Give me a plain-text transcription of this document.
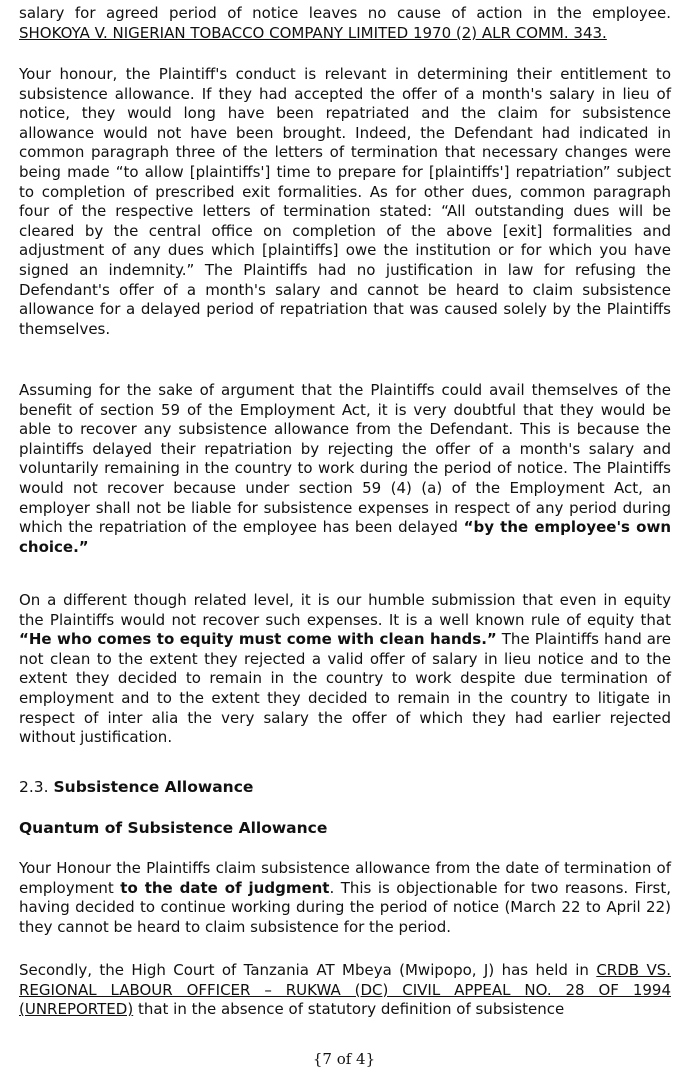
salary for agreed period of notice leaves no cause of action in the employee. SHOKOYA V. NIGERIAN TOBACCO COMPANY LIMITED 1970 (2) ALR COMM. 343.

Your honour, the Plaintiff's conduct is relevant in determining their entitlement to subsistence allowance. If they had accepted the offer of a month's salary in lieu of notice, they would long have been repatriated and the claim for subsistence allowance would not have been brought. Indeed, the Defendant had indicated in common paragraph three of the letters of termination that necessary changes were being made “to allow [plaintiffs'] time to prepare for [plaintiffs'] repatriation” subject to completion of prescribed exit formalities. As for other dues, common paragraph four of the respective letters of termination stated: “All outstanding dues will be cleared by the central office on completion of the above [exit] formalities and adjustment of any dues which [plaintiffs] owe the institution or for which you have signed an indemnity.” The Plaintiffs had no justification in law for refusing the Defendant's offer of a month's salary and cannot be heard to claim subsistence allowance for a delayed period of repatriation that was caused solely by the Plaintiffs themselves.

Assuming for the sake of argument that the Plaintiffs could avail themselves of the benefit of section 59 of the Employment Act, it is very doubtful that they would be able to recover any subsistence allowance from the Defendant. This is because the plaintiffs delayed their repatriation by rejecting the offer of a month's salary and voluntarily remaining in the country to work during the period of notice. The Plaintiffs would not recover because under section 59 (4) (a) of the Employment Act, an employer shall not be liable for subsistence expenses in respect of any period during which the repatriation of the employee has been delayed “by the employee's own choice.”

On a different though related level, it is our humble submission that even in equity the Plaintiffs would not recover such expenses. It is a well known rule of equity that “He who comes to equity must come with clean hands.” The Plaintiffs hand are not clean to the extent they rejected a valid offer of salary in lieu notice and to the extent they decided to remain in the country to work despite due termination of employment and to the extent they decided to remain in the country to litigate in respect of inter alia the very salary the offer of which they had earlier rejected without justification.

2.3. Subsistence Allowance

Quantum of Subsistence Allowance

Your Honour the Plaintiffs claim subsistence allowance from the date of termination of employment to the date of judgment. This is objectionable for two reasons. First, having decided to continue working during the period of notice (March 22 to April 22) they cannot be heard to claim subsistence for the period.

Secondly, the High Court of Tanzania AT Mbeya (Mwipopo, J) has held in CRDB VS. REGIONAL LABOUR OFFICER – RUKWA (DC) CIVIL APPEAL NO. 28 OF 1994 (UNREPORTED) that in the absence of statutory definition of subsistence

{7 of 4}
